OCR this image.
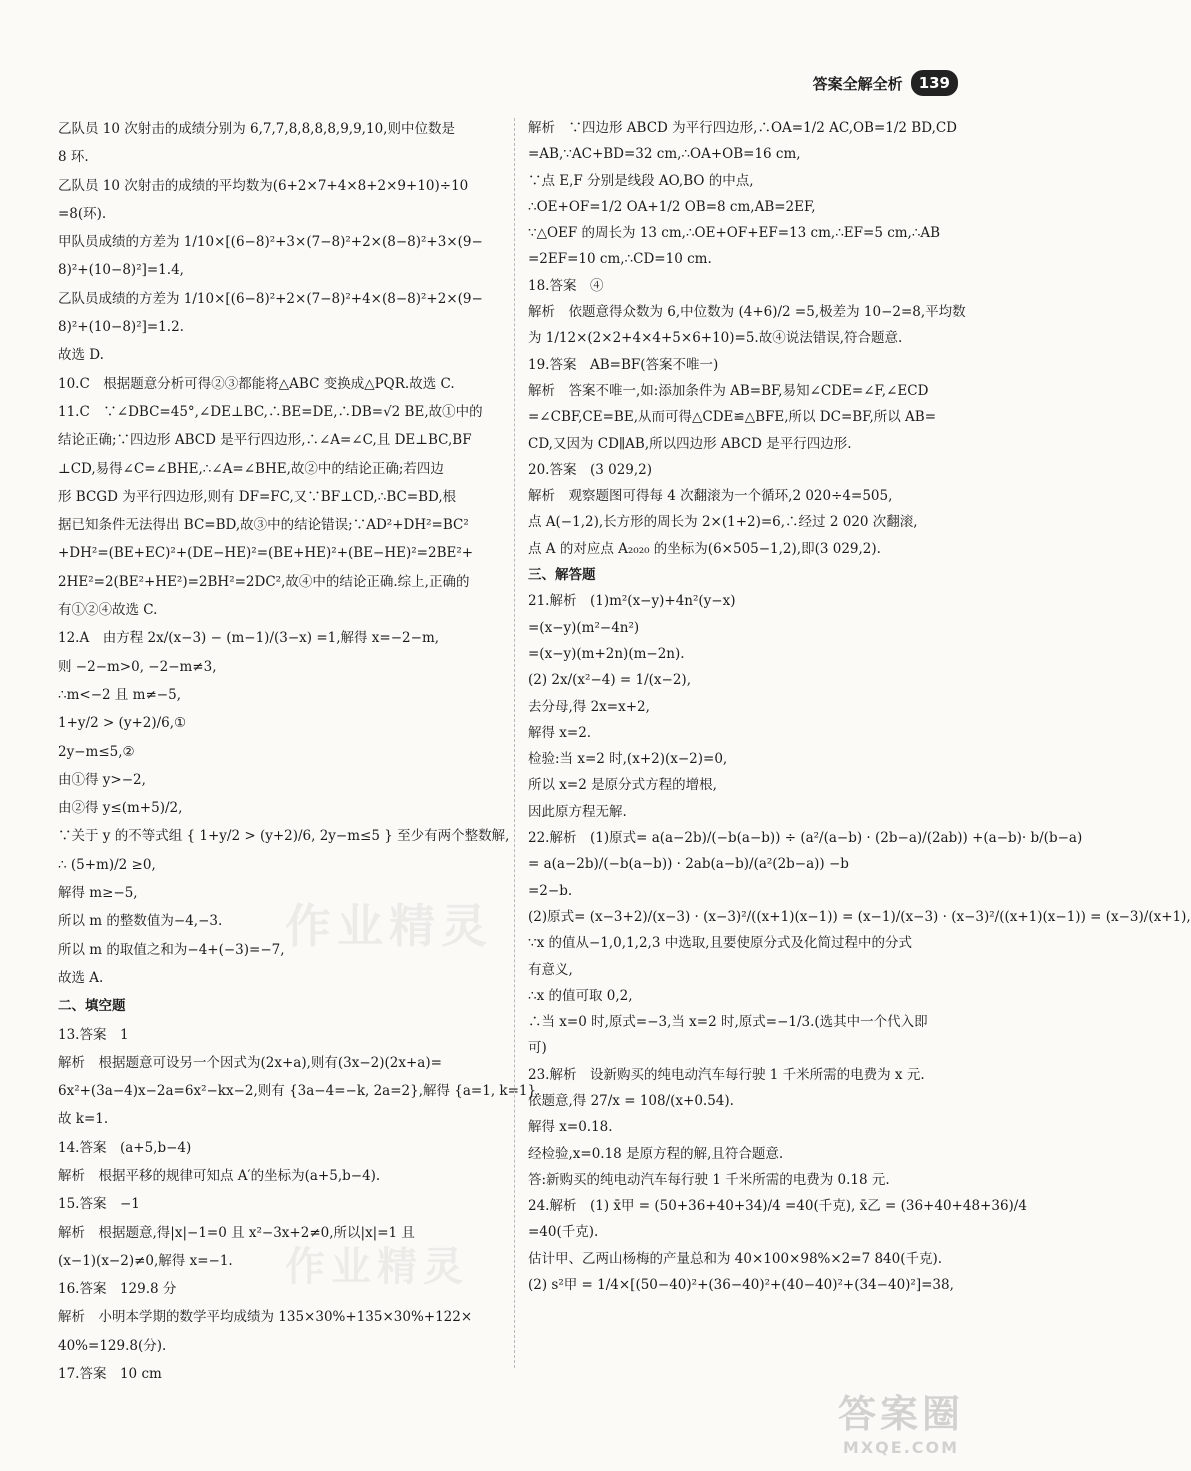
答案全解全析	139
乙队员 10 次射击的成绩分别为 6,7,7,8,8,8,8,9,9,10,则中位数是
8 环.
乙队员 10 次射击的成绩的平均数为(6+2×7+4×8+2×9+10)÷10
=8(环).
甲队员成绩的方差为 1/10×[(6−8)²+3×(7−8)²+2×(8−8)²+3×(9−
8)²+(10−8)²]=1.4,
乙队员成绩的方差为 1/10×[(6−8)²+2×(7−8)²+4×(8−8)²+2×(9−
8)²+(10−8)²]=1.2.
故选 D.
10.C　根据题意分析可得②③都能将△ABC 变换成△PQR.故选 C.
11.C　∵∠DBC=45°,∠DE⊥BC,∴BE=DE,∴DB=√2 BE,故①中的
结论正确;∵四边形 ABCD 是平行四边形,∴∠A=∠C,且 DE⊥BC,BF
⊥CD,易得∠C=∠BHE,∴∠A=∠BHE,故②中的结论正确;若四边
形 BCGD 为平行四边形,则有 DF=FC,又∵BF⊥CD,∴BC=BD,根
据已知条件无法得出 BC=BD,故③中的结论错误;∵AD²+DH²=BC²
+DH²=(BE+EC)²+(DE−HE)²=(BE+HE)²+(BE−HE)²=2BE²+
2HE²=2(BE²+HE²)=2BH²=2DC²,故④中的结论正确.综上,正确的
有①②④故选 C.
12.A　由方程 2x/(x−3) − (m−1)/(3−x) =1,解得 x=−2−m,
则 −2−m>0, −2−m≠3,
∴m<−2 且 m≠−5,
1+y/2 > (y+2)/6,①
2y−m≤5,②
由①得 y>−2,
由②得 y≤(m+5)/2,
∵关于 y 的不等式组 { 1+y/2 > (y+2)/6, 2y−m≤5 } 至少有两个整数解,
∴ (5+m)/2 ≥0,
解得 m≥−5,
所以 m 的整数值为−4,−3.
所以 m 的取值之和为−4+(−3)=−7,
故选 A.
二、填空题
13.答案　1
解析　根据题意可设另一个因式为(2x+a),则有(3x−2)(2x+a)=
6x²+(3a−4)x−2a=6x²−kx−2,则有 {3a−4=−k, 2a=2},解得 {a=1, k=1}.
故 k=1.
14.答案　(a+5,b−4)
解析　根据平移的规律可知点 A′的坐标为(a+5,b−4).
15.答案　−1
解析　根据题意,得|x|−1=0 且 x²−3x+2≠0,所以|x|=1 且
(x−1)(x−2)≠0,解得 x=−1.
16.答案　129.8 分
解析　小明本学期的数学平均成绩为 135×30%+135×30%+122×
40%=129.8(分).
17.答案　10 cm
解析　∵四边形 ABCD 为平行四边形,∴OA=1/2 AC,OB=1/2 BD,CD
=AB,∵AC+BD=32 cm,∴OA+OB=16 cm,
∵点 E,F 分别是线段 AO,BO 的中点,
∴OE+OF=1/2 OA+1/2 OB=8 cm,AB=2EF,
∵△OEF 的周长为 13 cm,∴OE+OF+EF=13 cm,∴EF=5 cm,∴AB
=2EF=10 cm,∴CD=10 cm.
18.答案　④
解析　依题意得众数为 6,中位数为 (4+6)/2 =5,极差为 10−2=8,平均数
为 1/12×(2×2+4×4+5×6+10)=5.故④说法错误,符合题意.
19.答案　AB=BF(答案不唯一)
解析　答案不唯一,如:添加条件为 AB=BF,易知∠CDE=∠F,∠ECD
=∠CBF,CE=BE,从而可得△CDE≌△BFE,所以 DC=BF,所以 AB=
CD,又因为 CD∥AB,所以四边形 ABCD 是平行四边形.
20.答案　(3 029,2)
解析　观察题图可得每 4 次翻滚为一个循环,2 020÷4=505,
点 A(−1,2),长方形的周长为 2×(1+2)=6,∴经过 2 020 次翻滚,
点 A 的对应点 A₂₀₂₀ 的坐标为(6×505−1,2),即(3 029,2).
三、解答题
21.解析　(1)m²(x−y)+4n²(y−x)
=(x−y)(m²−4n²)
=(x−y)(m+2n)(m−2n).
(2) 2x/(x²−4) = 1/(x−2),
去分母,得 2x=x+2,
解得 x=2.
检验:当 x=2 时,(x+2)(x−2)=0,
所以 x=2 是原分式方程的增根,
因此原方程无解.
22.解析　(1)原式= a(a−2b)/(−b(a−b)) ÷ (a²/(a−b) · (2b−a)/(2ab)) +(a−b)· b/(b−a)
= a(a−2b)/(−b(a−b)) · 2ab(a−b)/(a²(2b−a)) −b
=2−b.
(2)原式= (x−3+2)/(x−3) · (x−3)²/((x+1)(x−1)) = (x−1)/(x−3) · (x−3)²/((x+1)(x−1)) = (x−3)/(x+1),
∵x 的值从−1,0,1,2,3 中选取,且要使原分式及化简过程中的分式
有意义,
∴x 的值可取 0,2,
∴当 x=0 时,原式=−3,当 x=2 时,原式=−1/3.(选其中一个代入即
可)
23.解析　设新购买的纯电动汽车每行驶 1 千米所需的电费为 x 元.
依题意,得 27/x = 108/(x+0.54).
解得 x=0.18.
经检验,x=0.18 是原方程的解,且符合题意.
答:新购买的纯电动汽车每行驶 1 千米所需的电费为 0.18 元.
24.解析　(1) x̄甲 = (50+36+40+34)/4 =40(千克), x̄乙 = (36+40+48+36)/4
=40(千克).
估计甲、乙两山杨梅的产量总和为 40×100×98%×2=7 840(千克).
(2) s²甲 = 1/4×[(50−40)²+(36−40)²+(40−40)²+(34−40)²]=38,
作业精灵
作业精灵
答案圈
MXQE.COM
